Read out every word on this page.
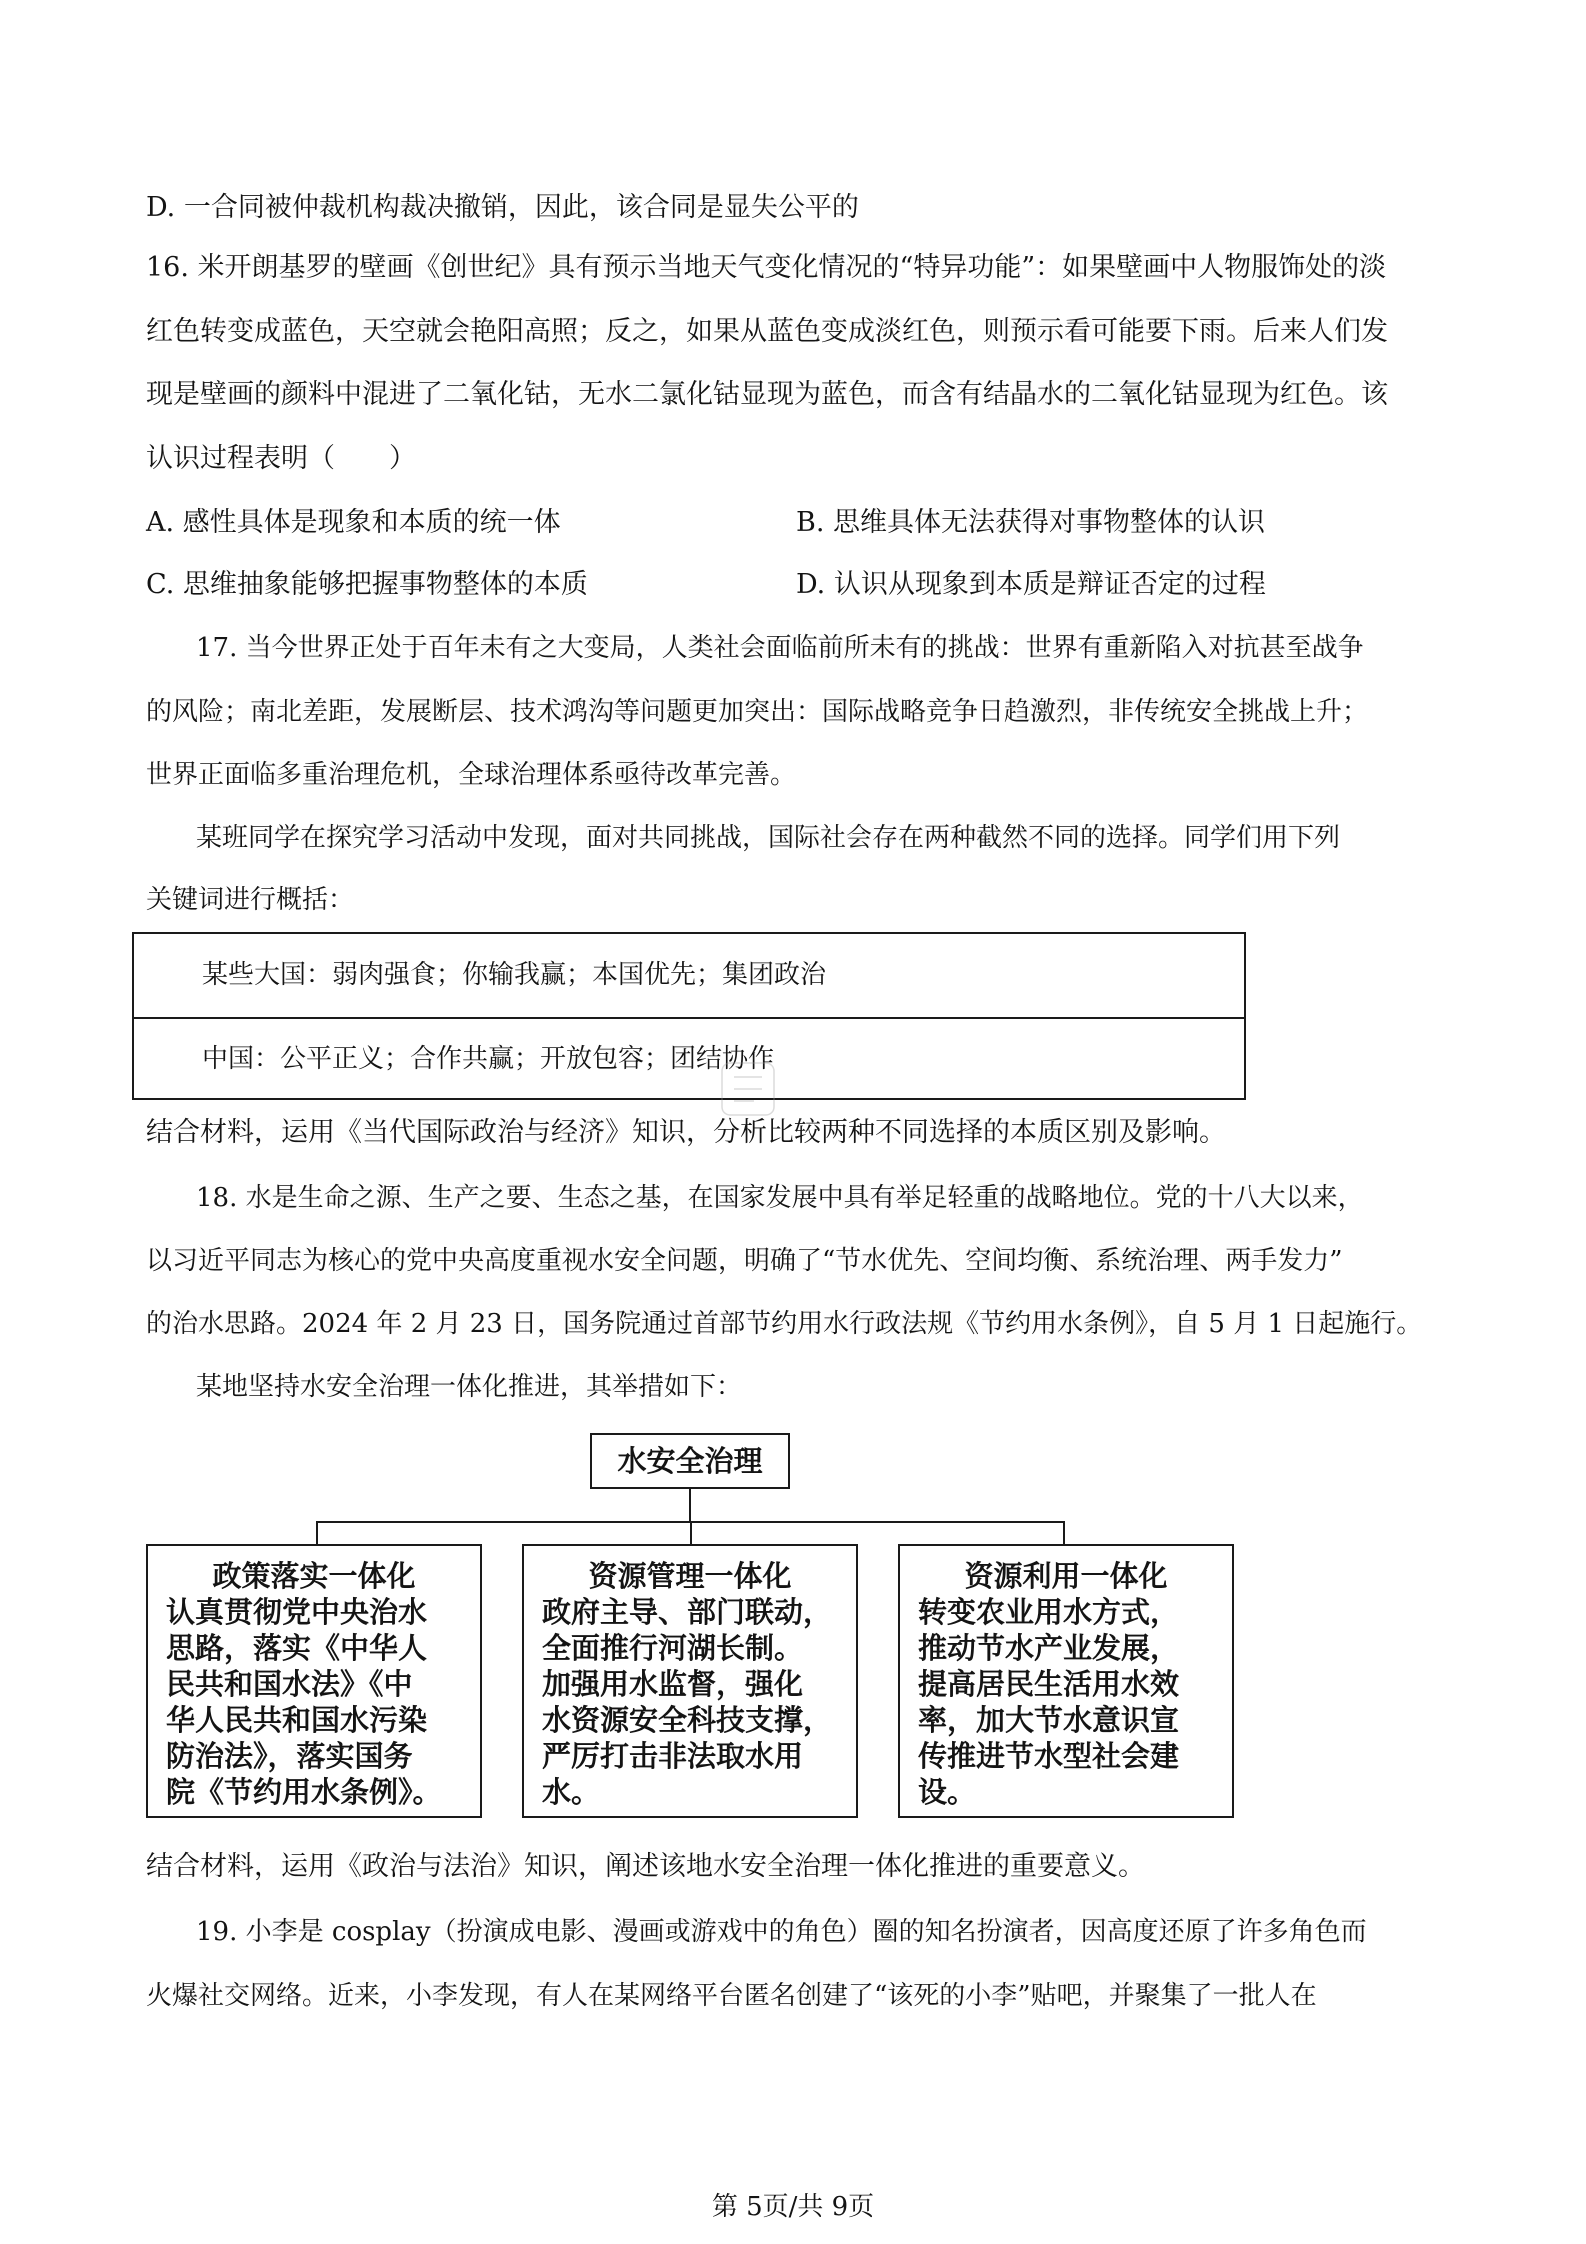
D. 一合同被仲裁机构裁决撤销，因此，该合同是显失公平的
16. 米开朗基罗的壁画《创世纪》具有预示当地天气变化情况的“特异功能”：如果壁画中人物服饰处的淡
红色转变成蓝色，天空就会艳阳高照；反之，如果从蓝色变成淡红色，则预示看可能要下雨。后来人们发
现是壁画的颜料中混进了二氧化钴，无水二氯化钴显现为蓝色，而含有结晶水的二氧化钴显现为红色。该
认识过程表明（　　）
A. 感性具体是现象和本质的统一体	B. 思维具体无法获得对事物整体的认识
C. 思维抽象能够把握事物整体的本质	D. 认识从现象到本质是辩证否定的过程
17. 当今世界正处于百年未有之大变局，人类社会面临前所未有的挑战：世界有重新陷入对抗甚至战争
的风险；南北差距，发展断层、技术鸿沟等问题更加突出：国际战略竞争日趋激烈，非传统安全挑战上升；
世界正面临多重治理危机，全球治理体系亟待改革完善。
某班同学在探究学习活动中发现，面对共同挑战，国际社会存在两种截然不同的选择。同学们用下列
关键词进行概括：
某些大国：弱肉强食；你输我赢；本国优先；集团政治
中国：公平正义；合作共赢；开放包容；团结协作
结合材料，运用《当代国际政治与经济》知识，分析比较两种不同选择的本质区别及影响。
18. 水是生命之源、生产之要、生态之基，在国家发展中具有举足轻重的战略地位。党的十八大以来，
以习近平同志为核心的党中央高度重视水安全问题，明确了“节水优先、空间均衡、系统治理、两手发力”
的治水思路。2024 年 2 月 23 日，国务院通过首部节约用水行政法规《节约用水条例》，自 5 月 1 日起施行。
某地坚持水安全治理一体化推进，其举措如下：
水安全治理
政策落实一体化
认真贯彻党中央治水
思路，落实《中华人
民共和国水法》《中
华人民共和国水污染
防治法》，落实国务
院《节约用水条例》。
资源管理一体化
政府主导、部门联动，
全面推行河湖长制。
加强用水监督，强化
水资源安全科技支撑，
严厉打击非法取水用
水。
资源利用一体化
转变农业用水方式，
推动节水产业发展，
提高居民生活用水效
率，加大节水意识宣
传推进节水型社会建
设。
结合材料，运用《政治与法治》知识，阐述该地水安全治理一体化推进的重要意义。
19. 小李是 cosplay（扮演成电影、漫画或游戏中的角色）圈的知名扮演者，因高度还原了许多角色而
火爆社交网络。近来，小李发现，有人在某网络平台匿名创建了“该死的小李”贴吧，并聚集了一批人在
第 5页/共 9页
